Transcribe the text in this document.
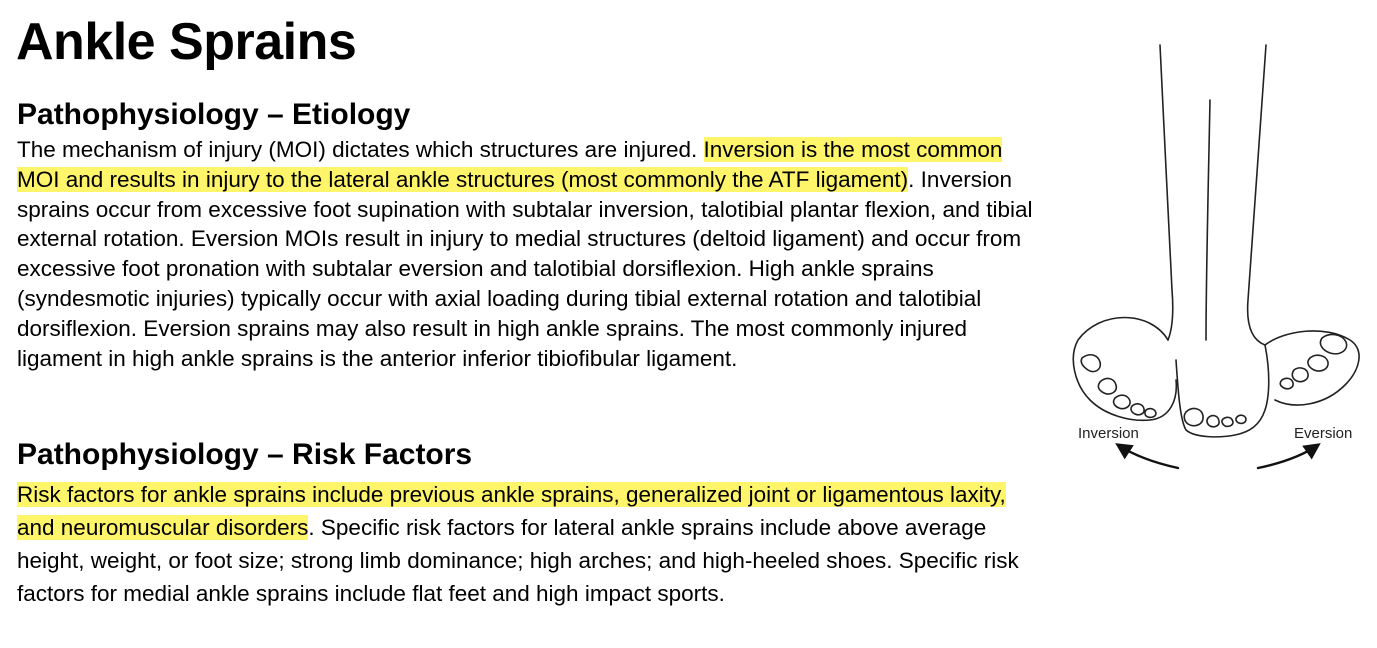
Ankle Sprains
Pathophysiology – Etiology
The mechanism of injury (MOI) dictates which structures are injured. Inversion is the most common MOI and results in injury to the lateral ankle structures (most commonly the ATF ligament). Inversion sprains occur from excessive foot supination with subtalar inversion, talotibial plantar flexion, and tibial external rotation. Eversion MOIs result in injury to medial structures (deltoid ligament) and occur from excessive foot pronation with subtalar eversion and talotibial dorsiflexion. High ankle sprains (syndesmotic injuries) typically occur with axial loading during tibial external rotation and talotibial dorsiflexion. Eversion sprains may also result in high ankle sprains. The most commonly injured ligament in high ankle sprains is the anterior inferior tibiofibular ligament.
Pathophysiology – Risk Factors
Risk factors for ankle sprains include previous ankle sprains, generalized joint or ligamentous laxity, and neuromuscular disorders. Specific risk factors for lateral ankle sprains include above average height, weight, or foot size; strong limb dominance; high arches; and high-heeled shoes. Specific risk factors for medial ankle sprains include flat feet and high impact sports.
Inversion	Eversion
